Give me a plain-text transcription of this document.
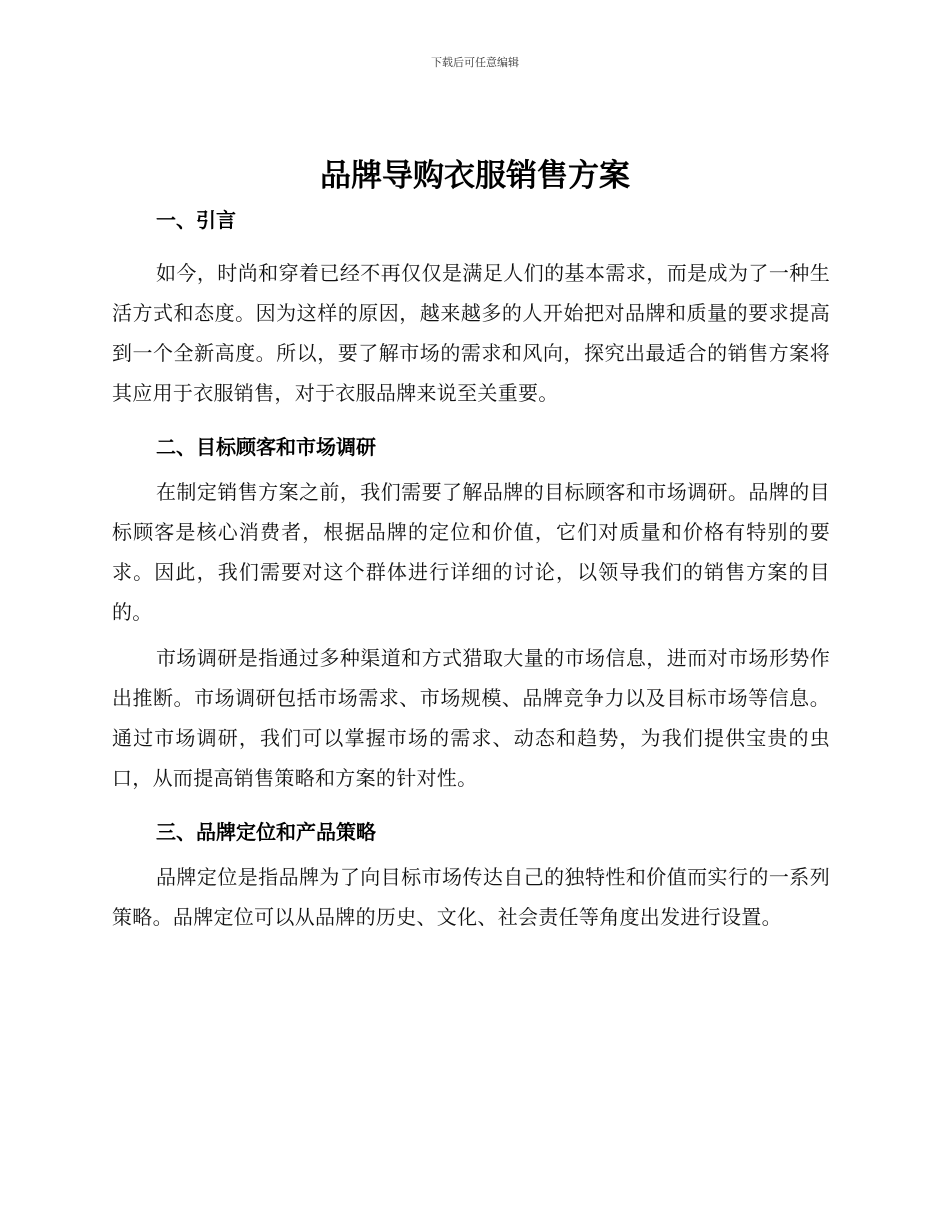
下载后可任意编辑
品牌导购衣服销售方案
一、引言

如今，时尚和穿着已经不再仅仅是满足人们的基本需求，而是成为了一种生活方式和态度。因为这样的原因，越来越多的人开始把对品牌和质量的要求提高到一个全新高度。所以，要了解市场的需求和风向，探究出最适合的销售方案将其应用于衣服销售，对于衣服品牌来说至关重要。

二、目标顾客和市场调研

在制定销售方案之前，我们需要了解品牌的目标顾客和市场调研。品牌的目标顾客是核心消费者，根据品牌的定位和价值，它们对质量和价格有特别的要求。因此，我们需要对这个群体进行详细的讨论，以领导我们的销售方案的目的。

市场调研是指通过多种渠道和方式猎取大量的市场信息，进而对市场形势作出推断。市场调研包括市场需求、市场规模、品牌竞争力以及目标市场等信息。通过市场调研，我们可以掌握市场的需求、动态和趋势，为我们提供宝贵的虫口，从而提高销售策略和方案的针对性。

三、品牌定位和产品策略

品牌定位是指品牌为了向目标市场传达自己的独特性和价值而实行的一系列策略。品牌定位可以从品牌的历史、文化、社会责任等角度出发进行设置。
